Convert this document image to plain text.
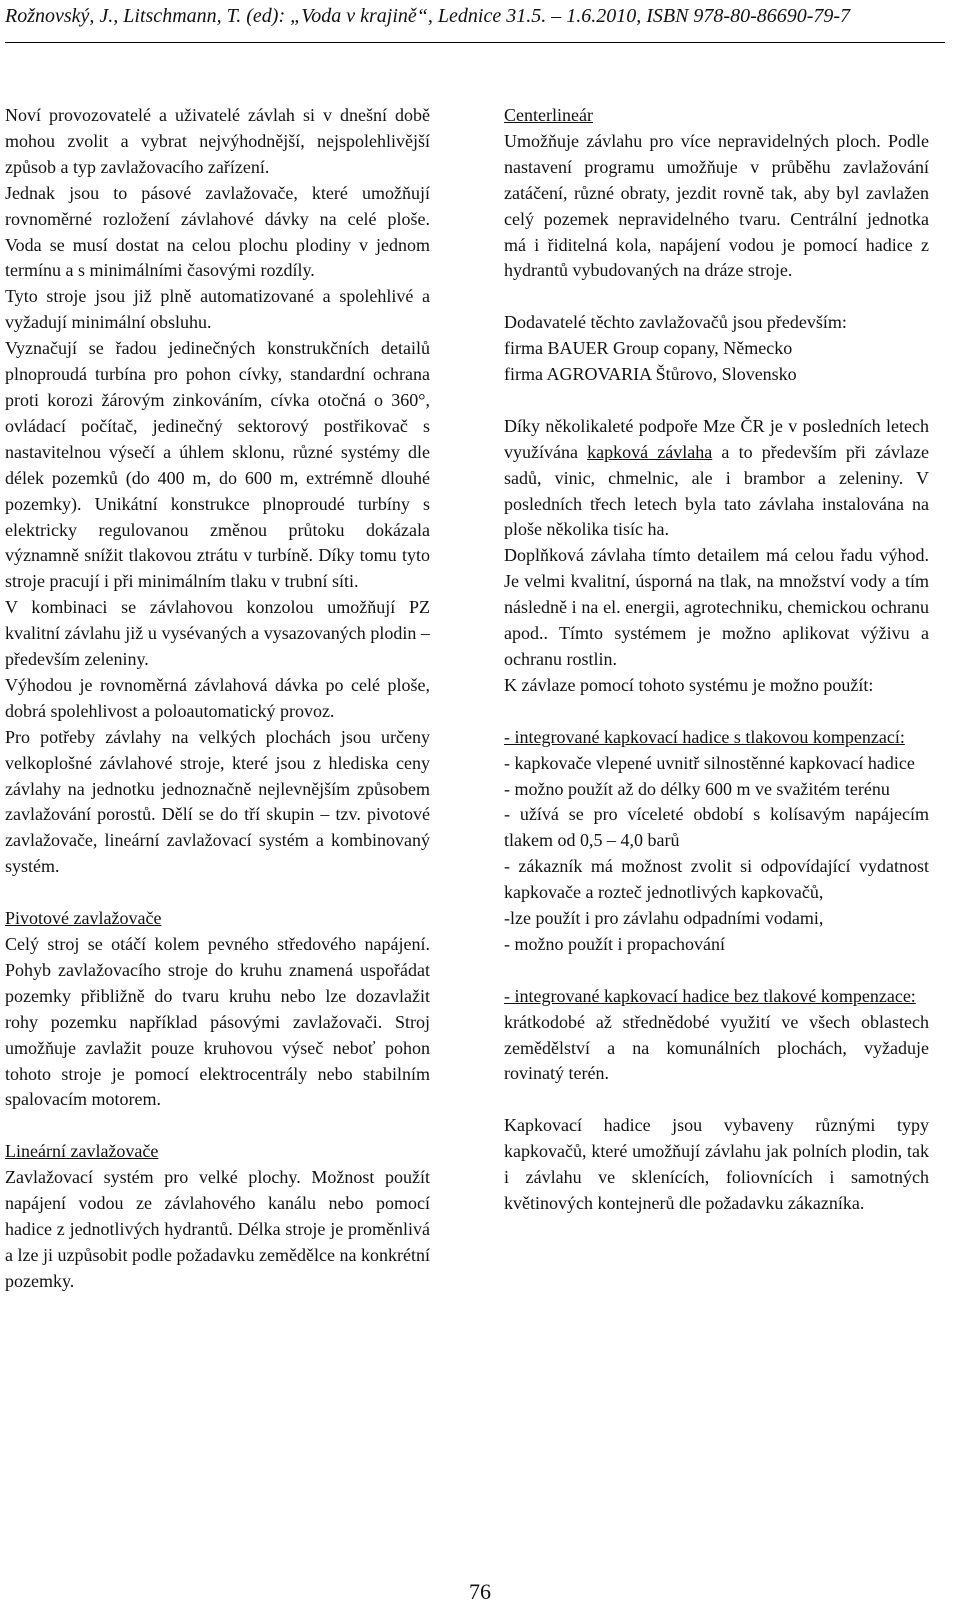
Rožnovský, J., Litschmann, T. (ed): „Voda v krajině“, Lednice 31.5. – 1.6.2010, ISBN 978-80-86690-79-7

Noví provozovatelé a uživatelé závlah si v dnešní době mohou zvolit a vybrat nejvýhodnější, nejspolehlivější způsob a typ zavlažovacího zařízení.

Jednak jsou to pásové zavlažovače, které umožňují rovnoměrné rozložení závlahové dávky na celé ploše. Voda se musí dostat na celou plochu plodiny v jednom termínu a s minimálními časovými rozdíly.

Tyto stroje jsou již plně automatizované a spolehlivé a vyžadují minimální obsluhu.

Vyznačují se řadou jedinečných konstrukčních detailů plnoproudá turbína pro pohon cívky, standardní ochrana proti korozi žárovým zinkováním, cívka otočná o 360°, ovládací počítač, jedinečný sektorový postřikovač s nastavitelnou výsečí a úhlem sklonu, různé systémy dle délek pozemků (do 400 m, do 600 m, extrémně dlouhé pozemky). Unikátní konstrukce plnoproudé turbíny s elektricky regulovanou změnou průtoku dokázala významně snížit tlakovou ztrátu v turbíně. Díky tomu tyto stroje pracují i při minimálním tlaku v trubní síti.

V kombinaci se závlahovou konzolou umožňují PZ kvalitní závlahu již u vysévaných a vysazovaných plodin – především zeleniny.

Výhodou je rovnoměrná závlahová dávka po celé ploše, dobrá spolehlivost a poloautomatický provoz.

Pro potřeby závlahy na velkých plochách jsou určeny velkoplošné závlahové stroje, které jsou z hlediska ceny závlahy na jednotku jednoznačně nejlevnějším způsobem zavlažování porostů. Dělí se do tří skupin – tzv. pivotové zavlažovače, lineární zavlažovací systém a kombinovaný systém.

Pivotové zavlažovače

Celý stroj se otáčí kolem pevného středového napájení. Pohyb zavlažovacího stroje do kruhu znamená uspořádat pozemky přibližně do tvaru kruhu nebo lze dozavlažit rohy pozemku například pásovými zavlažovači. Stroj umožňuje zavlažit pouze kruhovou výseč neboť pohon tohoto stroje je pomocí elektrocentrály nebo stabilním spalovacím motorem.

Lineární zavlažovače

Zavlažovací systém pro velké plochy. Možnost použít napájení vodou ze závlahového kanálu nebo pomocí hadice z jednotlivých hydrantů. Délka stroje je proměnlivá a lze ji uzpůsobit podle požadavku zemědělce na konkrétní pozemky.

Centerlineár

Umožňuje závlahu pro více nepravidelných ploch. Podle nastavení programu umožňuje v průběhu zavlažování zatáčení, různé obraty, jezdit rovně tak, aby byl zavlažen celý pozemek nepravidelného tvaru. Centrální jednotka má i řiditelná kola, napájení vodou je pomocí hadice z hydrantů vybudovaných na dráze stroje.

Dodavatelé těchto zavlažovačů jsou především:

firma BAUER Group copany, Německo

firma AGROVARIA Štůrovo, Slovensko

Díky několikaleté podpoře Mze ČR je v posledních letech využívána kapková závlaha a to především při závlaze sadů, vinic, chmelnic, ale i brambor a zeleniny. V posledních třech letech byla tato závlaha instalována na ploše několika tisíc ha.

Doplňková závlaha tímto detailem má celou řadu výhod. Je velmi kvalitní, úsporná na tlak, na množství vody a tím následně i na el. energii, agrotechniku, chemickou ochranu apod.. Tímto systémem je možno aplikovat výživu a ochranu rostlin.

K závlaze pomocí tohoto systému je možno použít:

- integrované kapkovací hadice s tlakovou kompenzací:

- kapkovače vlepené uvnitř silnostěnné kapkovací hadice

- možno použít až do délky 600 m ve svažitém terénu

- užívá se pro víceleté období s kolísavým napájecím tlakem od 0,5 – 4,0 barů

- zákazník má možnost zvolit si odpovídající vydatnost kapkovače a rozteč jednotlivých kapkovačů,

-lze použít i pro závlahu odpadními vodami,

- možno použít i propachování

- integrované kapkovací hadice bez tlakové kompenzace:

krátkodobé až střednědobé využití ve všech oblastech zemědělství a na komunálních plochách, vyžaduje rovinatý terén.

Kapkovací hadice jsou vybaveny různými typy kapkovačů, které umožňují závlahu jak polních plodin, tak i závlahu ve sklenících, foliovnících i samotných květinových kontejnerů dle požadavku zákazníka.

76
